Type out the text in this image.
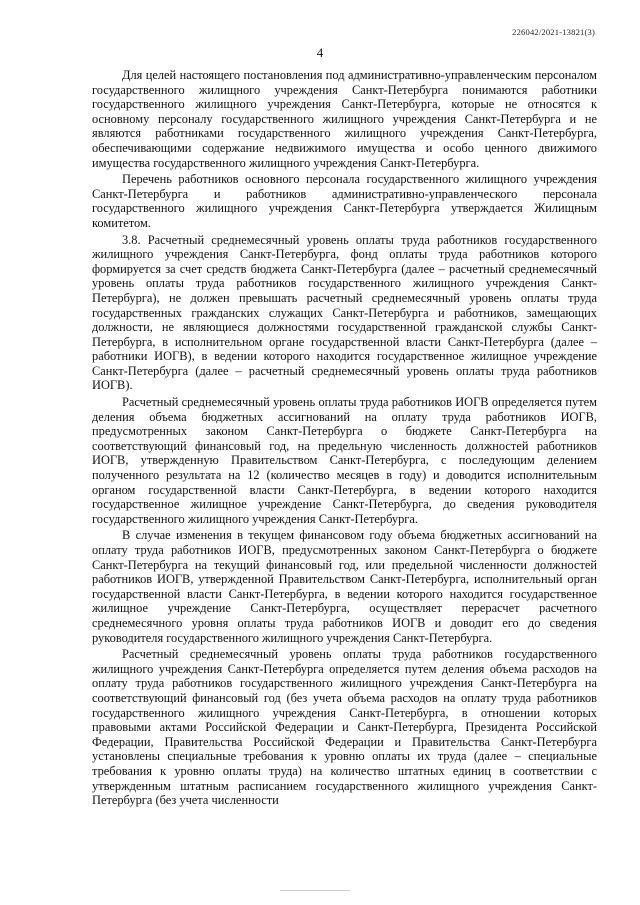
226042/2021-13821(3)
4

Для целей настоящего постановления под административно-управленческим персоналом государственного жилищного учреждения Санкт-Петербурга понимаются работники государственного жилищного учреждения Санкт-Петербурга, которые не относятся к основному персоналу государственного жилищного учреждения Санкт-Петербурга и не являются работниками государственного жилищного учреждения Санкт-Петербурга, обеспечивающими содержание недвижимого имущества и особо ценного движимого имущества государственного жилищного учреждения Санкт-Петербурга.

Перечень работников основного персонала государственного жилищного учреждения Санкт-Петербурга и работников административно-управленческого персонала государственного жилищного учреждения Санкт-Петербурга утверждается Жилищным комитетом.

3.8. Расчетный среднемесячный уровень оплаты труда работников государственного жилищного учреждения Санкт-Петербурга, фонд оплаты труда работников которого формируется за счет средств бюджета Санкт-Петербурга (далее – расчетный среднемесячный уровень оплаты труда работников государственного жилищного учреждения Санкт-Петербурга), не должен превышать расчетный среднемесячный уровень оплаты труда государственных гражданских служащих Санкт-Петербурга и работников, замещающих должности, не являющиеся должностями государственной гражданской службы Санкт-Петербурга, в исполнительном органе государственной власти Санкт-Петербурга (далее – работники ИОГВ), в ведении которого находится государственное жилищное учреждение Санкт-Петербурга (далее – расчетный среднемесячный уровень оплаты труда работников ИОГВ).

Расчетный среднемесячный уровень оплаты труда работников ИОГВ определяется путем деления объема бюджетных ассигнований на оплату труда работников ИОГВ, предусмотренных законом Санкт-Петербурга о бюджете Санкт-Петербурга на соответствующий финансовый год, на предельную численность должностей работников ИОГВ, утвержденную Правительством Санкт-Петербурга, с последующим делением полученного результата на 12 (количество месяцев в году) и доводится исполнительным органом государственной власти Санкт-Петербурга, в ведении которого находится государственное жилищное учреждение Санкт-Петербурга, до сведения руководителя государственного жилищного учреждения Санкт-Петербурга.

В случае изменения в текущем финансовом году объема бюджетных ассигнований на оплату труда работников ИОГВ, предусмотренных законом Санкт-Петербурга о бюджете Санкт-Петербурга на текущий финансовый год, или предельной численности должностей работников ИОГВ, утвержденной Правительством Санкт-Петербурга, исполнительный орган государственной власти Санкт-Петербурга, в ведении которого находится государственное жилищное учреждение Санкт-Петербурга, осуществляет перерасчет расчетного среднемесячного уровня оплаты труда работников ИОГВ и доводит его до сведения руководителя государственного жилищного учреждения Санкт-Петербурга.

Расчетный среднемесячный уровень оплаты труда работников государственного жилищного учреждения Санкт-Петербурга определяется путем деления объема расходов на оплату труда работников государственного жилищного учреждения Санкт-Петербурга на соответствующий финансовый год (без учета объема расходов на оплату труда работников государственного жилищного учреждения Санкт-Петербурга, в отношении которых правовыми актами Российской Федерации и Санкт-Петербурга, Президента Российской Федерации, Правительства Российской Федерации и Правительства Санкт-Петербурга установлены специальные требования к уровню оплаты их труда (далее – специальные требования к уровню оплаты труда) на количество штатных единиц в соответствии с утвержденным штатным расписанием государственного жилищного учреждения Санкт-Петербурга (без учета численности
